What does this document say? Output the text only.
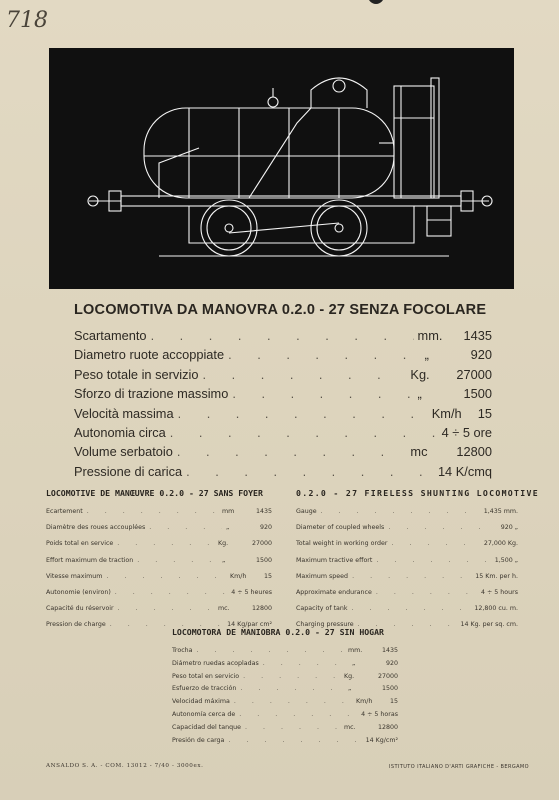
718
LOCOMOTIVA DA MANOVRA 0.2.0 - 27 SENZA FOCOLARE
Scartamento . . .	mm.	1435
Diametro ruote accoppiate . . .	„	920
Peso totale in servizio . . .	Kg.	27000
Sforzo di trazione massimo . . .	„	1500
Velocità massima . . .	Km/h	15
Autonomia circa . . .	4 ÷ 5 ore
Volume serbatoio . . .	mc	12800
Pressione di carica . . .	14 K/cmq
LOCOMOTIVE DE MANŒUVRE 0.2.0 - 27 SANS FOYER
Ecartement . . .	mm	1435
Diamètre des roues accouplées . . .	„	920
Poids total en service . . .	Kg.	27000
Effort maximum de traction . . .	„	1500
Vitesse maximum . . .	Km/h	15
Autonomie (environ) . . .	4 ÷ 5 heures
Capacité du réservoir . . .	mc.	12800
Pression de charge . . .	14 Kg/par cm²
0.2.0 - 27 FIRELESS SHUNTING LOCOMOTIVE
Gauge . . .	1,435 mm.
Diameter of coupled wheels . . .	920 „
Total weight in working order . . .	27,000 Kg.
Maximum tractive effort . . .	1,500 „
Maximum speed . . .	15 Km. per h.
Approximate endurance . . .	4 ÷ 5 hours
Capacity of tank . . .	12,800 cu. m.
Charging pressure . . .	14 Kg. per sq. cm.
LOCOMOTORA DE MANIOBRA 0.2.0 - 27 SIN HOGAR
Trocha . . .	mm.	1435
Diámetro ruedas acopladas . . .	„	920
Peso total en servicio . . .	Kg.	27000
Esfuerzo de tracción . . .	„	1500
Velocidad máxima . . .	Km/h	15
Autonomía cerca de . . .	4 ÷ 5 horas
Capacidad del tanque . . .	mc.	12800
Presión de carga . . .	14 Kg/cm²
ANSALDO S. A. - COM. 13012 - 7/40 - 3000ex.	ISTITUTO ITALIANO D'ARTI GRAFICHE - BERGAMO
